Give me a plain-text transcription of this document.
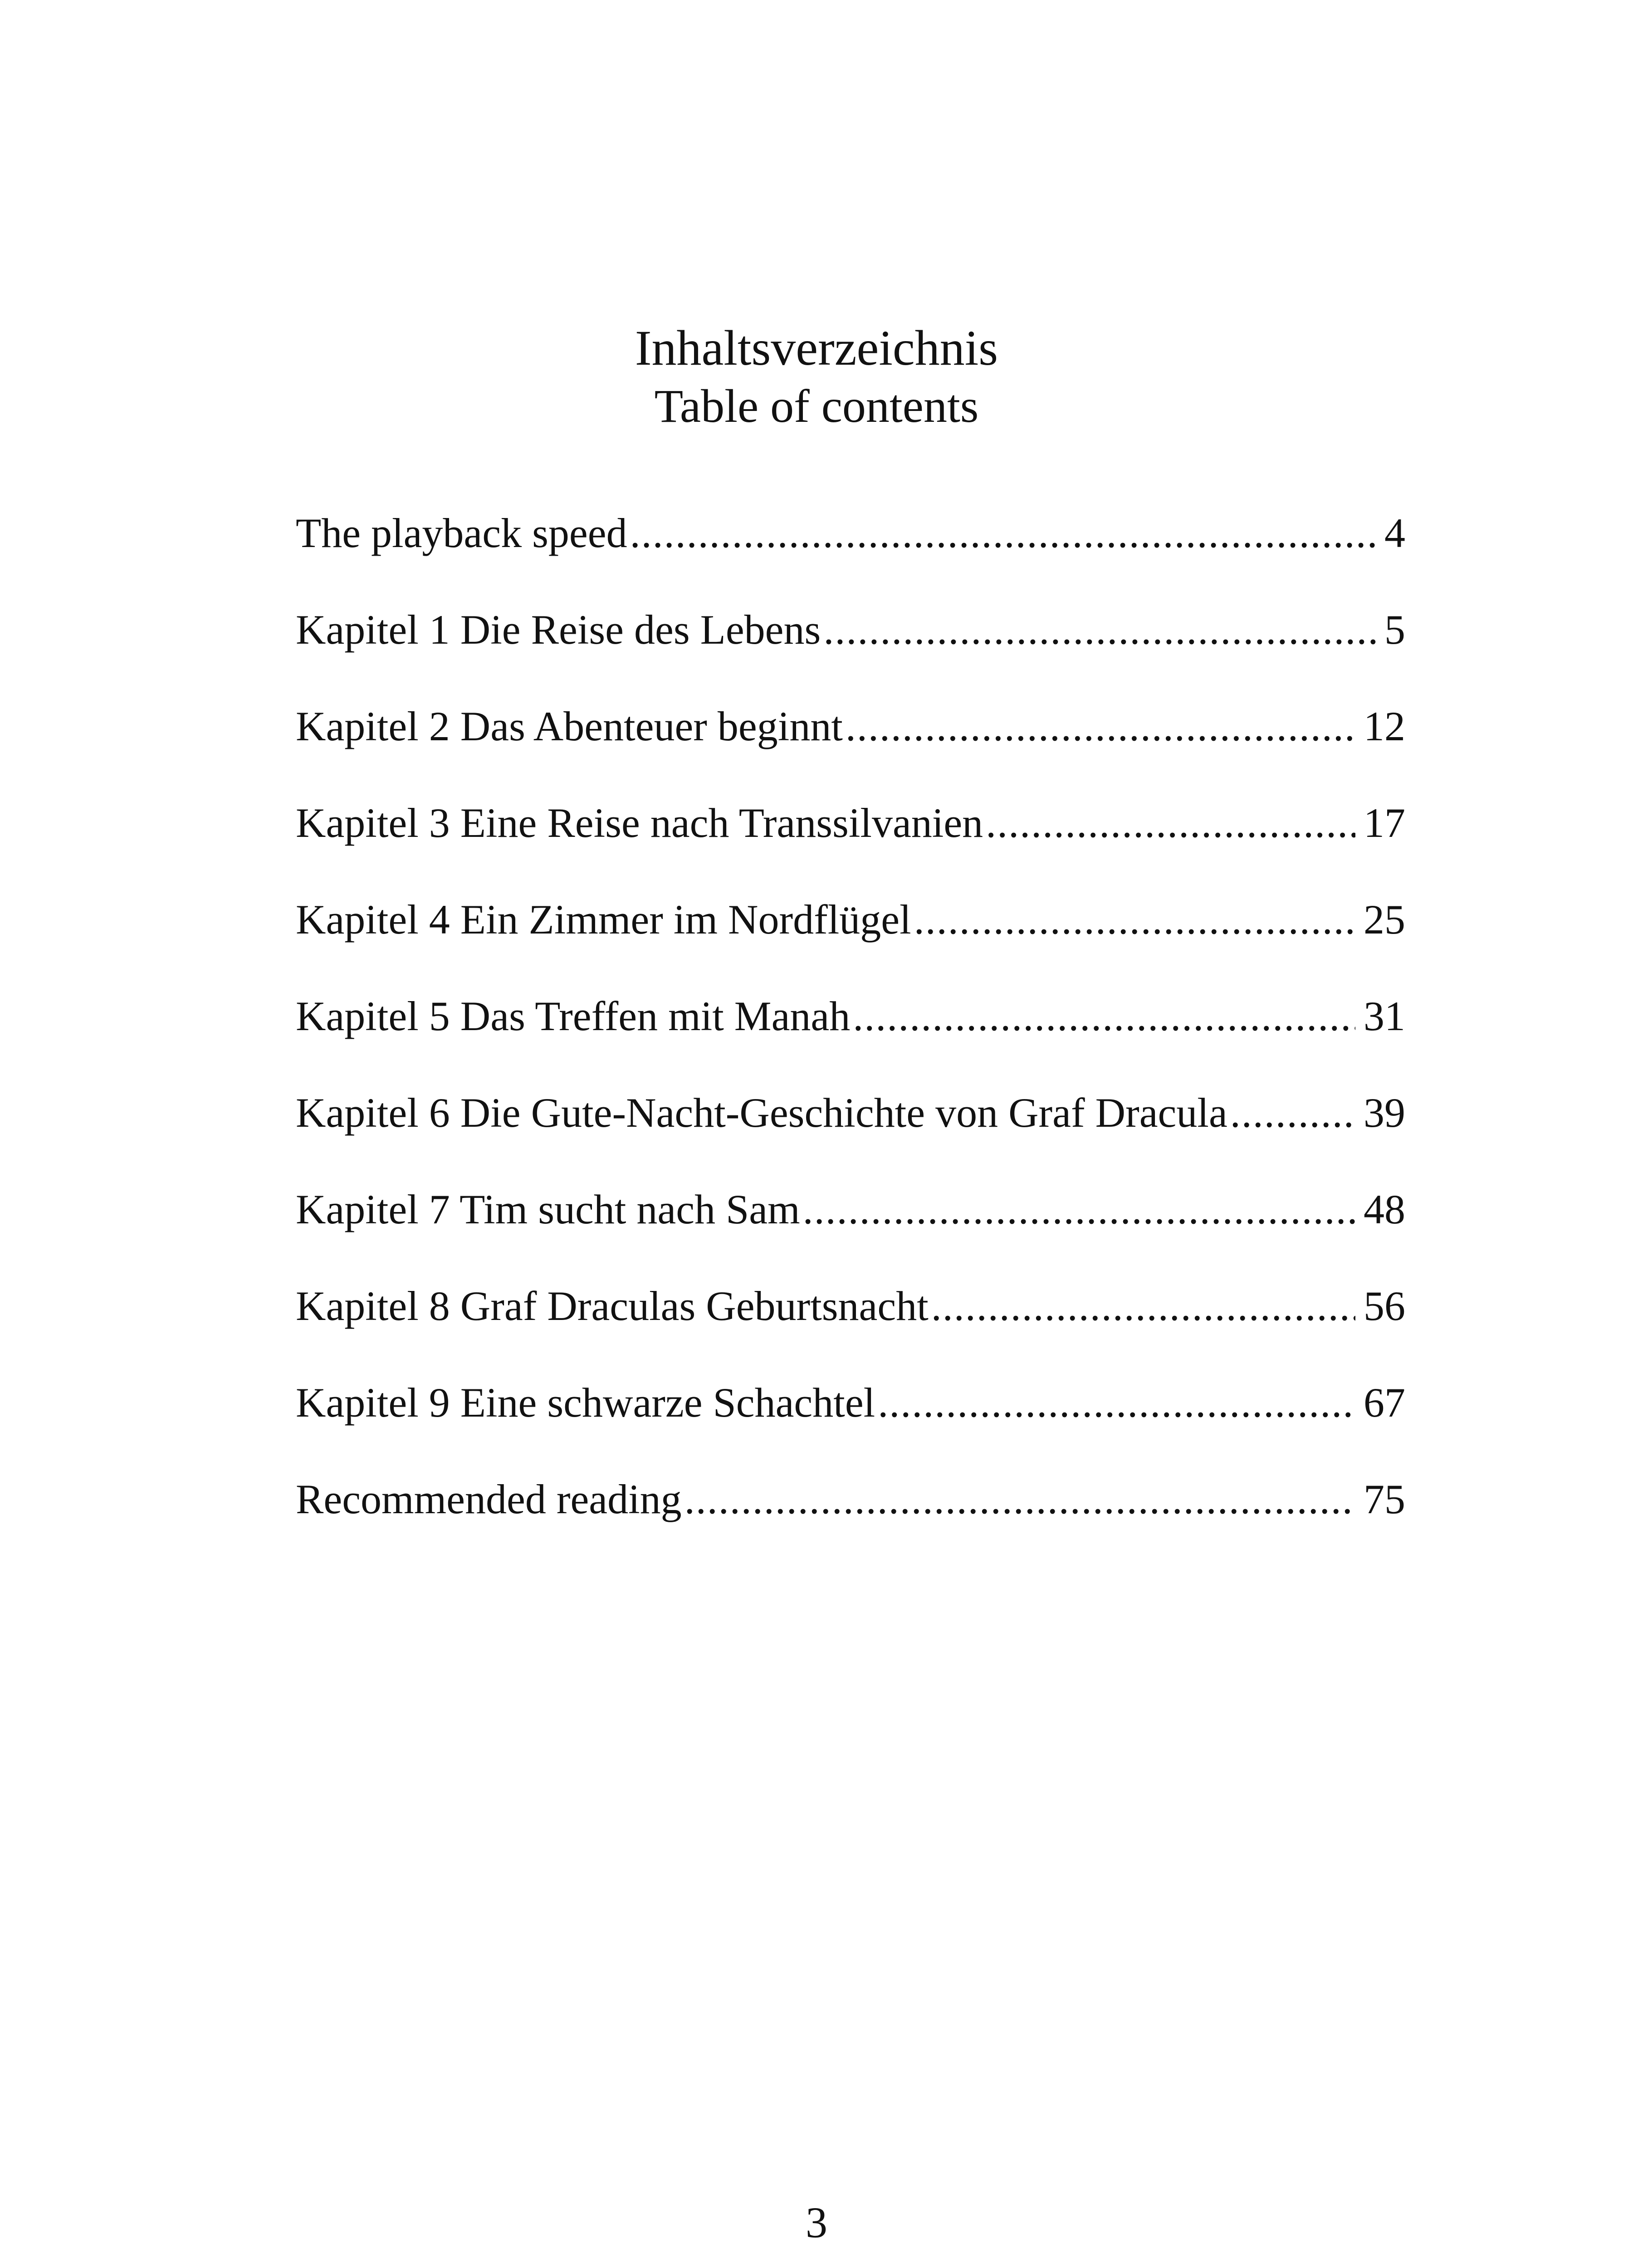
Inhaltsverzeichnis
Table of contents
The playback speed .....	4
Kapitel 1 Die Reise des Lebens .....	5
Kapitel 2 Das Abenteuer beginnt .....	12
Kapitel 3 Eine Reise nach Transsilvanien .....	17
Kapitel 4 Ein Zimmer im Nordflügel .....	25
Kapitel 5 Das Treffen mit Manah .....	31
Kapitel 6 Die Gute-Nacht-Geschichte von Graf Dracula .....	39
Kapitel 7 Tim sucht nach Sam .....	48
Kapitel 8 Graf Draculas Geburtsnacht .....	56
Kapitel 9 Eine schwarze Schachtel .....	67
Recommended reading .....	75
3
